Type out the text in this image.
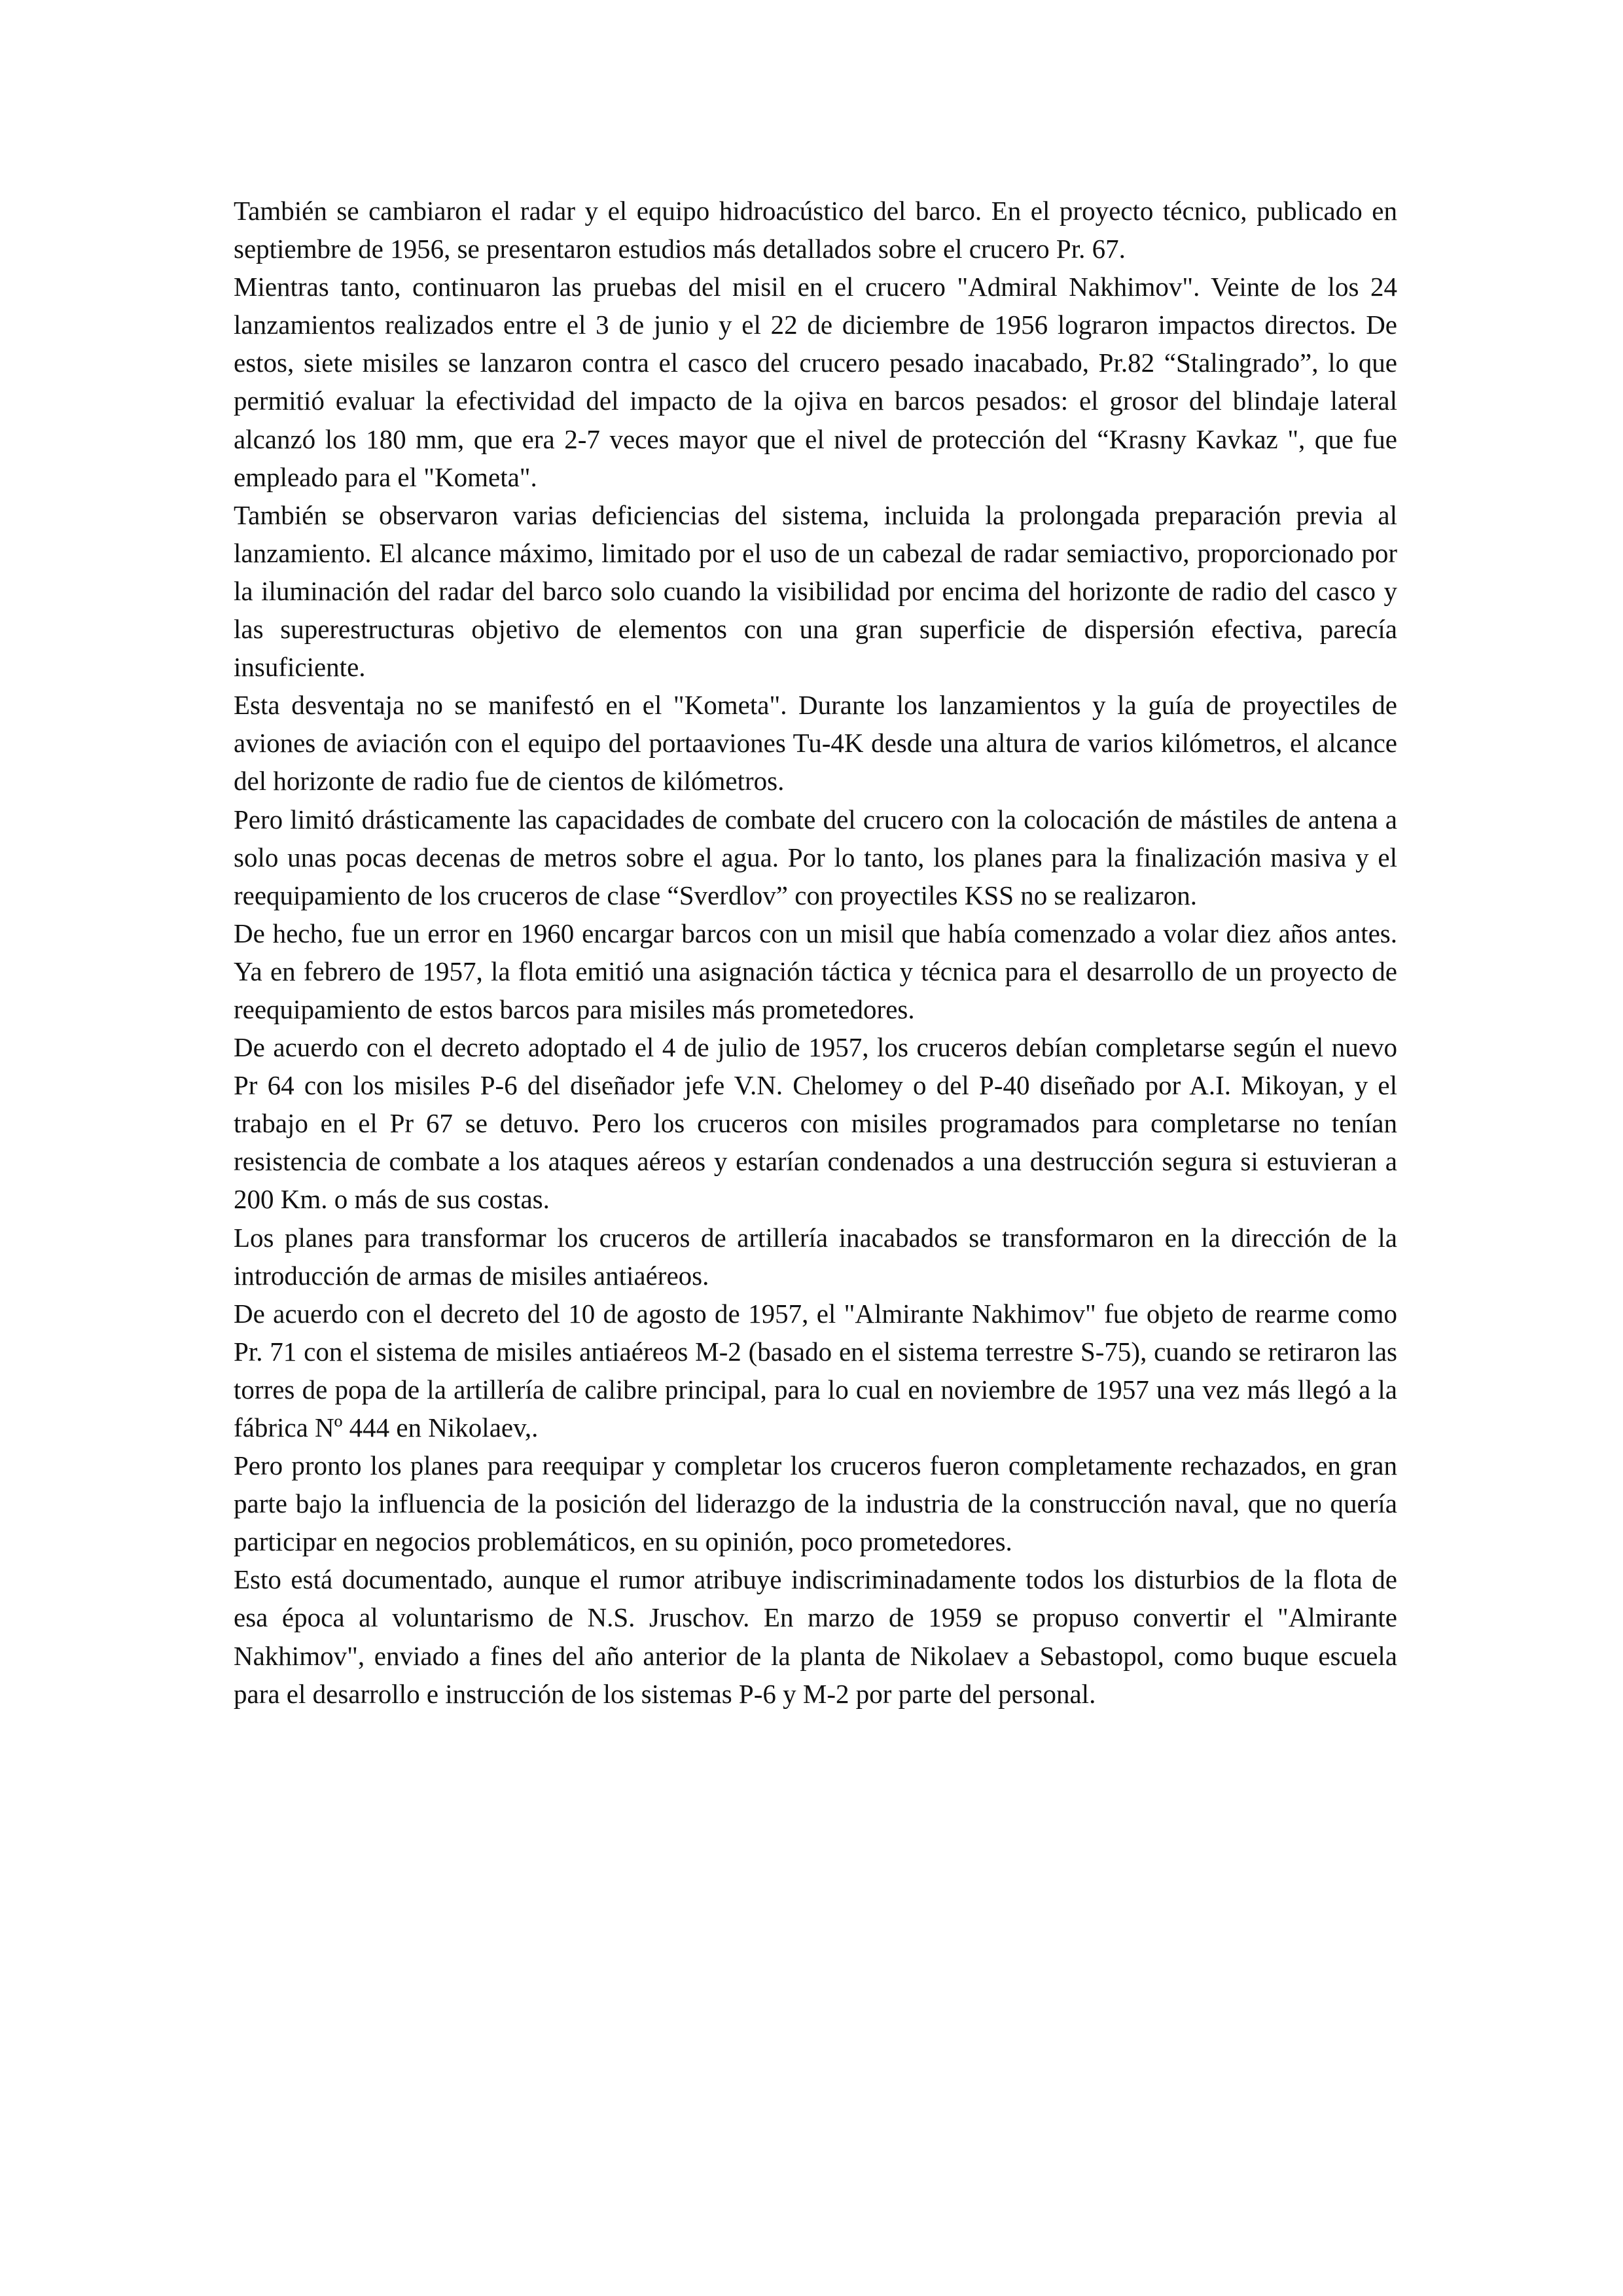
También se cambiaron el radar y el equipo hidroacústico del barco. En el proyecto técnico, publicado en septiembre de 1956, se presentaron estudios más detallados sobre el crucero Pr. 67.

Mientras tanto, continuaron las pruebas del misil en el crucero "Admiral Nakhimov". Veinte de los 24 lanzamientos realizados entre el 3 de junio y el 22 de diciembre de 1956 lograron impactos directos. De estos, siete misiles se lanzaron contra el casco del crucero pesado inacabado, Pr.82 “Stalingrado”, lo que permitió evaluar la efectividad del impacto de la ojiva en barcos pesados: el grosor del blindaje lateral alcanzó los 180 mm, que era 2-7 veces mayor que el nivel de protección del “Krasny Kavkaz ", que fue empleado para el "Kometa".

También se observaron varias deficiencias del sistema, incluida la prolongada preparación previa al lanzamiento. El alcance máximo, limitado por el uso de un cabezal de radar semiactivo, proporcionado por la iluminación del radar del barco solo cuando la visibilidad por encima del horizonte de radio del casco y las superestructuras objetivo de elementos con una gran superficie de dispersión efectiva, parecía insuficiente.

Esta desventaja no se manifestó en el "Kometa". Durante los lanzamientos y la guía de proyectiles de aviones de aviación con el equipo del portaaviones Tu-4K desde una altura de varios kilómetros, el alcance del horizonte de radio fue de cientos de kilómetros.

Pero limitó drásticamente las capacidades de combate del crucero con la colocación de mástiles de antena a solo unas pocas decenas de metros sobre el agua. Por lo tanto, los planes para la finalización masiva y el reequipamiento de los cruceros de clase “Sverdlov” con proyectiles KSS no se realizaron.

De hecho, fue un error en 1960 encargar barcos con un misil que había comenzado a volar diez años antes. Ya en febrero de 1957, la flota emitió una asignación táctica y técnica para el desarrollo de un proyecto de reequipamiento de estos barcos para misiles más prometedores.

De acuerdo con el decreto adoptado el 4 de julio de 1957, los cruceros debían completarse según el nuevo Pr 64 con los misiles P-6 del diseñador jefe V.N. Chelomey o del P-40 diseñado por A.I. Mikoyan, y el trabajo en el Pr 67 se detuvo. Pero los cruceros con misiles programados para completarse no tenían resistencia de combate a los ataques aéreos y estarían condenados a una destrucción segura si estuvieran a 200 Km. o más de sus costas.

Los planes para transformar los cruceros de artillería inacabados se transformaron en la dirección de la introducción de armas de misiles antiaéreos.

De acuerdo con el decreto del 10 de agosto de 1957, el "Almirante Nakhimov" fue objeto de rearme como Pr. 71 con el sistema de misiles antiaéreos M-2 (basado en el sistema terrestre S-75), cuando se retiraron las torres de popa de la artillería de calibre principal, para lo cual en noviembre de 1957 una vez más llegó a la fábrica Nº 444 en Nikolaev,.

Pero pronto los planes para reequipar y completar los cruceros fueron completamente rechazados, en gran parte bajo la influencia de la posición del liderazgo de la industria de la construcción naval, que no quería participar en negocios problemáticos, en su opinión, poco prometedores.

Esto está documentado, aunque el rumor atribuye indiscriminadamente todos los disturbios de la flota de esa época al voluntarismo de N.S. Jruschov. En marzo de 1959 se propuso convertir el "Almirante Nakhimov", enviado a fines del año anterior de la planta de Nikolaev a Sebastopol, como buque escuela para el desarrollo e instrucción de los sistemas P-6 y M-2 por parte del personal.
